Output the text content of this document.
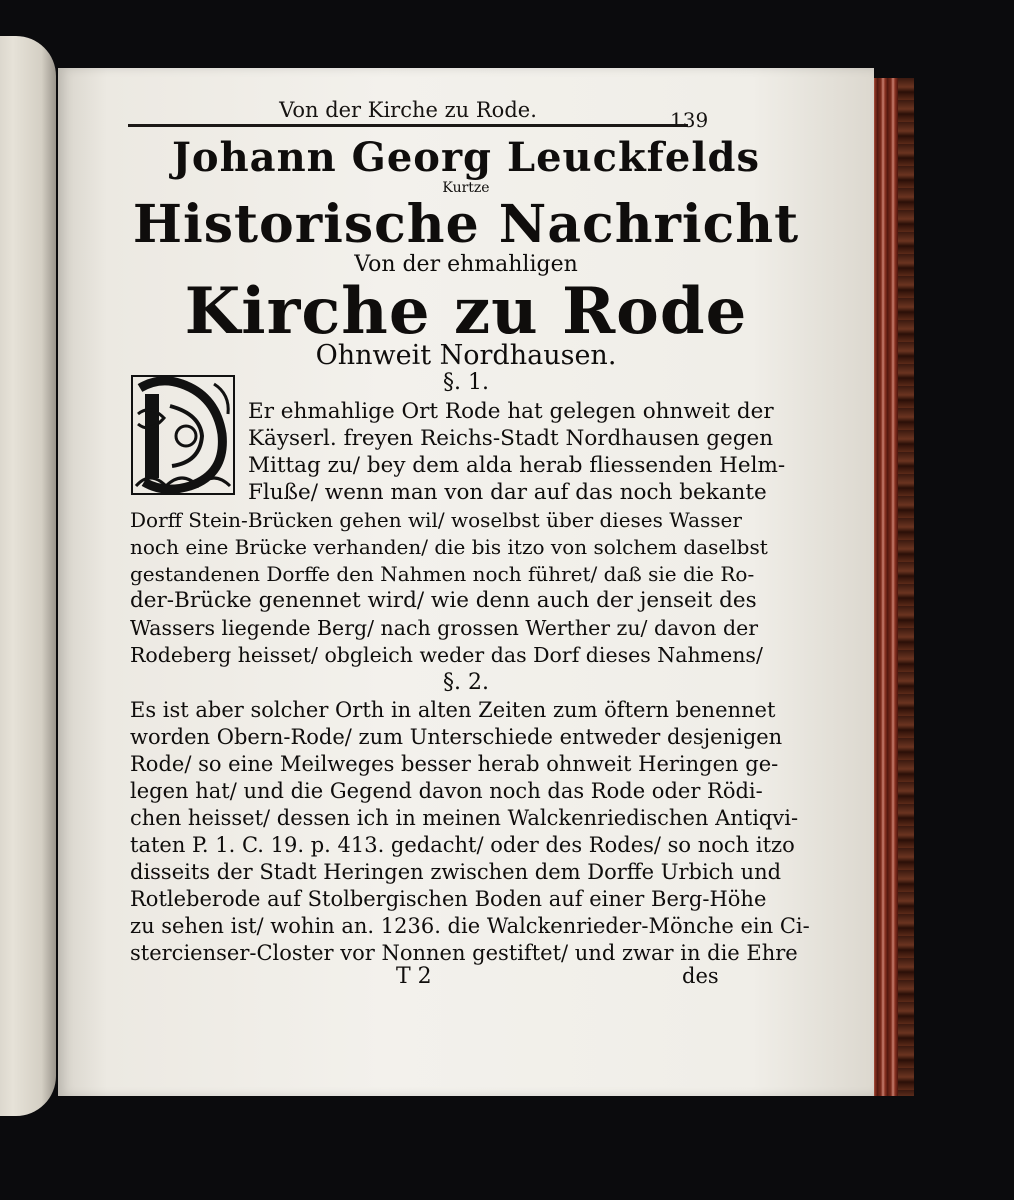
Von der Kirche zu Rode.	139
Johann Georg Leuckfelds
Kurtze
Historische Nachricht
Von der ehmahligen
Kirche zu Rode
Ohnweit Nordhausen.
§. 1.
Er ehmahlige Ort Rode hat gelegen ohnweit der
Käyserl. freyen Reichs-Stadt Nordhausen gegen
Mittag zu/ bey dem alda herab fliessenden Helm-
Fluße/ wenn man von dar auf das noch bekante
Dorff Stein-Brücken gehen wil/ woselbst über dieses Wasser
noch eine Brücke verhanden/ die bis itzo von solchem daselbst
gestandenen Dorffe den Nahmen noch führet/ daß sie die Ro-
der-Brücke genennet wird/ wie denn auch der jenseit des
Wassers liegende Berg/ nach grossen Werther zu/ davon der
Rodeberg heisset/ obgleich weder das Dorf dieses Nahmens/
§. 2.
Es ist aber solcher Orth in alten Zeiten zum öftern benennet
worden Obern-Rode/ zum Unterschiede entweder desjenigen
Rode/ so eine Meilweges besser herab ohnweit Heringen ge-
legen hat/ und die Gegend davon noch das Rode oder Rödi-
chen heisset/ dessen ich in meinen Walckenriedischen Antiqvi-
taten P. 1. C. 19. p. 413. gedacht/ oder des Rodes/ so noch itzo
disseits der Stadt Heringen zwischen dem Dorffe Urbich und
Rotleberode auf Stolbergischen Boden auf einer Berg-Höhe
zu sehen ist/ wohin an. 1236. die Walckenrieder-Mönche ein Ci-
T 2	des
stercienser-Closter vor Nonnen gestiftet/ und zwar in die Ehre
